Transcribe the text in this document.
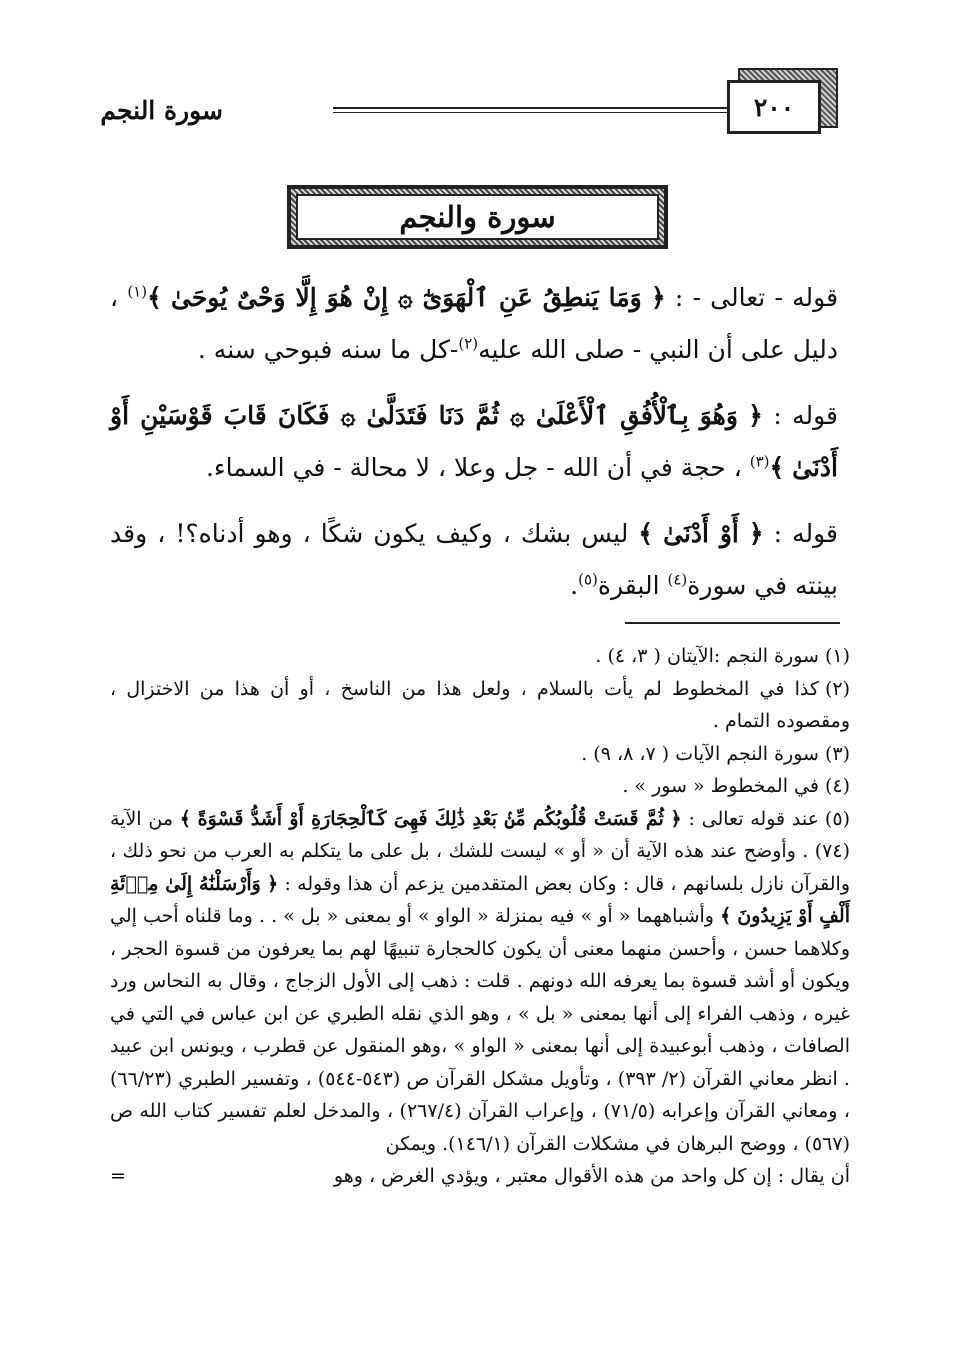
سورة النجم	٢٠٠
سورة والنجم
قوله - تعالى - : ﴿ وَمَا يَنطِقُ عَنِ ٱلْهَوَىٰٓ ۞ إِنْ هُوَ إِلَّا وَحْىٌ يُوحَىٰ ﴾$^{(١)}$ ، دليل على أن النبي - صلى الله عليه$^{(٢)}$-كل ما سنه فبوحي سنه .
قوله : ﴿ وَهُوَ بِٱلْأُفُقِ ٱلْأَعْلَىٰ ۞ ثُمَّ دَنَا فَتَدَلَّىٰ ۞ فَكَانَ قَابَ قَوْسَيْنِ أَوْ أَدْنَىٰ ﴾$^{(٣)}$ ، حجة في أن الله - جل وعلا ، لا محالة - في السماء.
قوله : ﴿ أَوْ أَدْنَىٰ ﴾ ليس بشك ، وكيف يكون شكًا ، وهو أدناه؟! ، وقد بينته في سورة$^{(٤)}$ البقرة$^{(٥)}$.
(١)سورة النجم :الآيتان ( ٣، ٤) .
(٢)كذا في المخطوط لم يأت بالسلام ، ولعل هذا من الناسخ ، أو أن هذا من الاختزال ، ومقصوده التمام .
(٣)سورة النجم الآيات ( ٧، ٨، ٩) .
(٤)في المخطوط « سور » .
(٥)عند قوله تعالى : ﴿ ثُمَّ قَسَتْ قُلُوبُكُم مِّنۢ بَعْدِ ذَٰلِكَ فَهِىَ كَٱلْحِجَارَةِ أَوْ أَشَدُّ قَسْوَةً ﴾ من الآية (٧٤) . وأوضح عند هذه الآية أن « أو » ليست للشك ، بل على ما يتكلم به العرب من نحو ذلك ، والقرآن نازل بلسانهم ، قال : وكان بعض المتقدمين يزعم أن هذا وقوله : ﴿ وَأَرْسَلْنَٰهُ إِلَىٰ مِا۟ئَةِ أَلْفٍ أَوْ يَزِيدُونَ ﴾ وأشباههما « أو » فيه بمنزلة « الواو » أو بمعنى « بل » . . وما قلناه أحب إلي وكلاهما حسن ، وأحسن منهما معنى أن يكون كالحجارة تنبيهًا لهم بما يعرفون من قسوة الحجر ، ويكون أو أشد قسوة بما يعرفه الله دونهم . قلت : ذهب إلى الأول الزجاج ، وقال به النحاس ورد غيره ، وذهب الفراء إلى أنها بمعنى « بل » ، وهو الذي نقله الطبري عن ابن عباس في التي في الصافات ، وذهب أبوعبيدة إلى أنها بمعنى « الواو » ،وهو المنقول عن قطرب ، ويونس ابن عبيد . انظر معاني القرآن (٢/ ٣٩٣) ، وتأويل مشكل القرآن ص (٥٤٣-٥٤٤) ، وتفسير الطبري (٦٦/٢٣) ، ومعاني القرآن وإعرابه (٧١/٥) ، وإعراب القرآن (٢٦٧/٤) ، والمدخل لعلم تفسير كتاب الله ص (٥٦٧) ، ووضح البرهان في مشكلات القرآن (١٤٦/١). ويمكن
أن يقال : إن كل واحد من هذه الأقوال معتبر ، ويؤدي الغرض ، وهو
=
